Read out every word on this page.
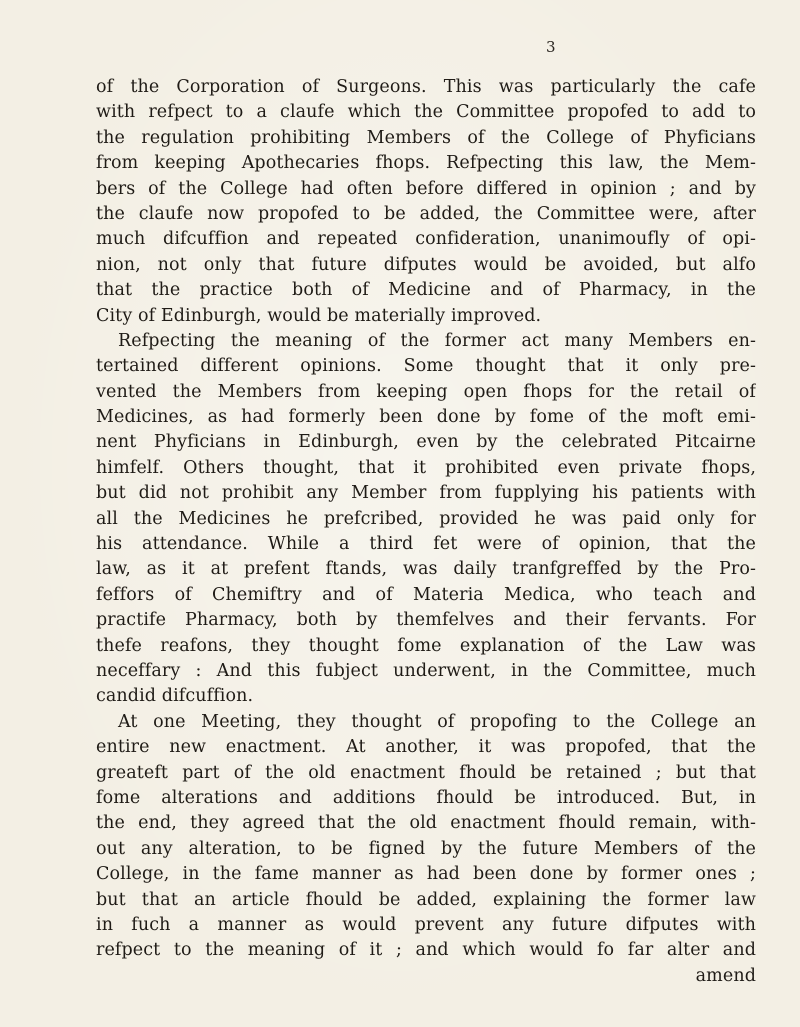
3
of the Corporation of Surgeons. This was particularly the cafe
with refpect to a claufe which the Committee propofed to add to
the regulation prohibiting Members of the College of Phyficians
from keeping Apothecaries fhops. Refpecting this law, the Mem-
bers of the College had often before differed in opinion ; and by
the claufe now propofed to be added, the Committee were, after
much difcuffion and repeated confideration, unanimoufly of opi-
nion, not only that future difputes would be avoided, but alfo
that the practice both of Medicine and of Pharmacy, in the
City of Edinburgh, would be materially improved.
Refpecting the meaning of the former act many Members en-
tertained different opinions. Some thought that it only pre-
vented the Members from keeping open fhops for the retail of
Medicines, as had formerly been done by fome of the moft emi-
nent Phyficians in Edinburgh, even by the celebrated Pitcairne
himfelf. Others thought, that it prohibited even private fhops,
but did not prohibit any Member from fupplying his patients with
all the Medicines he prefcribed, provided he was paid only for
his attendance. While a third fet were of opinion, that the
law, as it at prefent ftands, was daily tranfgreffed by the Pro-
feffors of Chemiftry and of Materia Medica, who teach and
practife Pharmacy, both by themfelves and their fervants. For
thefe reafons, they thought fome explanation of the Law was
neceffary : And this fubject underwent, in the Committee, much
candid difcuffion.
At one Meeting, they thought of propofing to the College an
entire new enactment. At another, it was propofed, that the
greateft part of the old enactment fhould be retained ; but that
fome alterations and additions fhould be introduced. But, in
the end, they agreed that the old enactment fhould remain, with-
out any alteration, to be figned by the future Members of the
College, in the fame manner as had been done by former ones ;
but that an article fhould be added, explaining the former law
in fuch a manner as would prevent any future difputes with
refpect to the meaning of it ; and which would fo far alter and
amend
